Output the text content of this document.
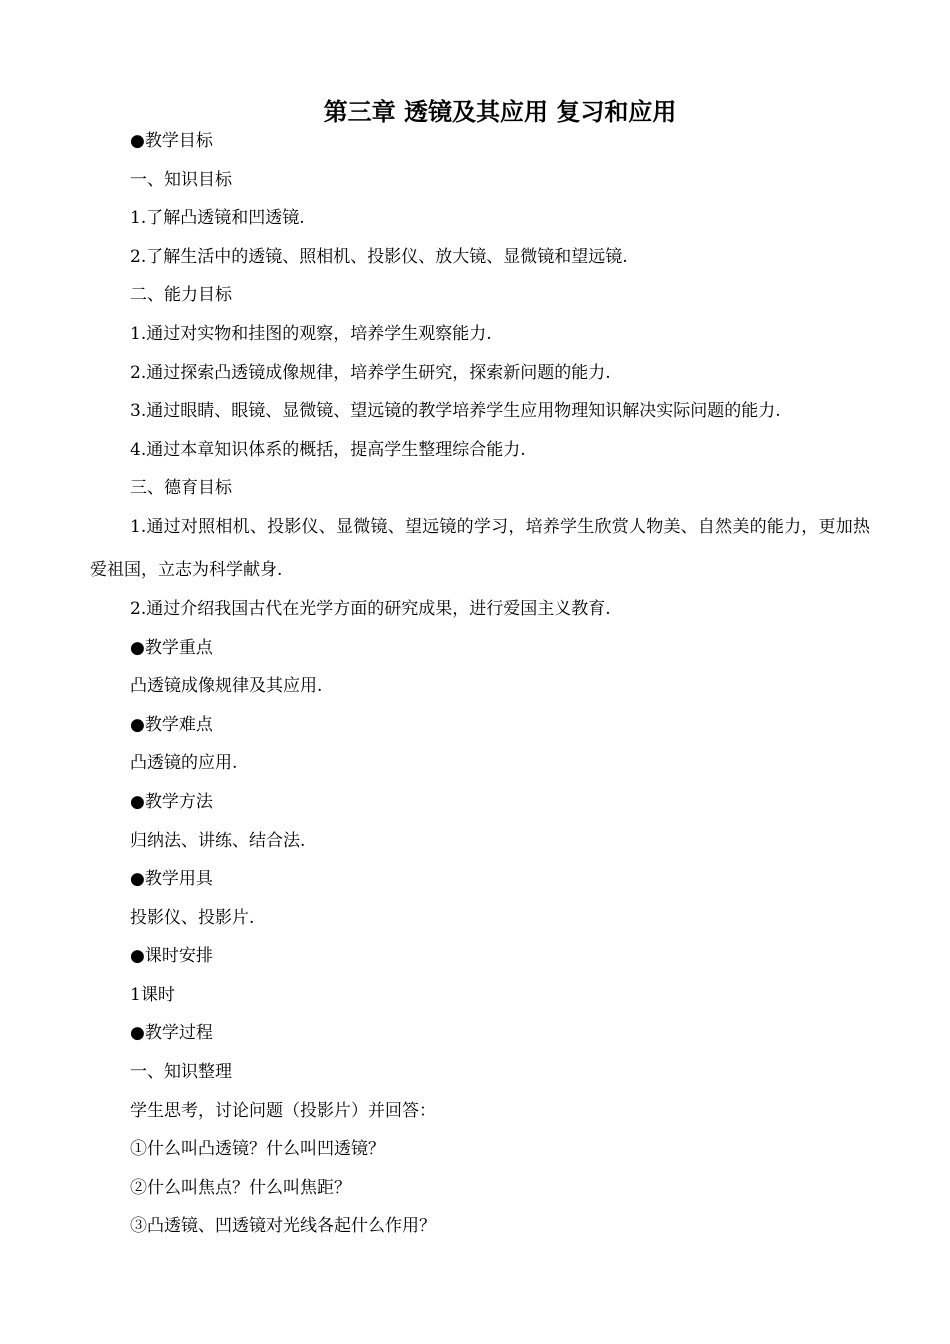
第三章 透镜及其应用 复习和应用

●教学目标

一、知识目标

1.了解凸透镜和凹透镜.

2.了解生活中的透镜、照相机、投影仪、放大镜、显微镜和望远镜.

二、能力目标

1.通过对实物和挂图的观察，培养学生观察能力.

2.通过探索凸透镜成像规律，培养学生研究，探索新问题的能力.

3.通过眼睛、眼镜、显微镜、望远镜的教学培养学生应用物理知识解决实际问题的能力.

4.通过本章知识体系的概括，提高学生整理综合能力.

三、德育目标

1.通过对照相机、投影仪、显微镜、望远镜的学习，培养学生欣赏人物美、自然美的能力，更加热爱祖国，立志为科学献身.

2.通过介绍我国古代在光学方面的研究成果，进行爱国主义教育.

●教学重点

凸透镜成像规律及其应用.

●教学难点

凸透镜的应用.

●教学方法

归纳法、讲练、结合法.

●教学用具

投影仪、投影片.

●课时安排

1课时

●教学过程

一、知识整理

学生思考，讨论问题（投影片）并回答：

①什么叫凸透镜？什么叫凹透镜？

②什么叫焦点？什么叫焦距？

③凸透镜、凹透镜对光线各起什么作用？
